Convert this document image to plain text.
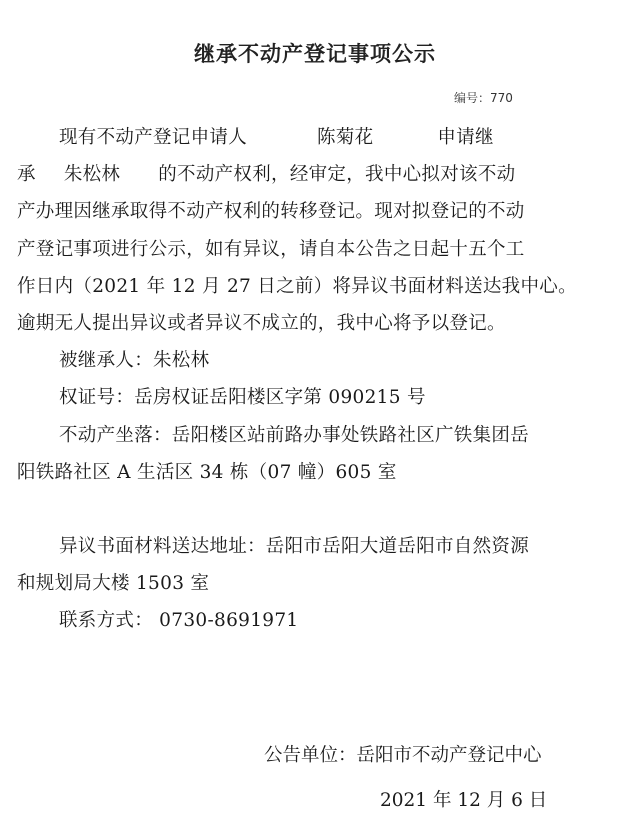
继承不动产登记事项公示
编号：770
现有不动产登记申请人	陈菊花	申请继
承 朱松林 的不动产权利，经审定，我中心拟对该不动
产办理因继承取得不动产权利的转移登记。现对拟登记的不动
产登记事项进行公示，如有异议，请自本公告之日起十五个工
作日内（2021 年 12 月 27 日之前）将异议书面材料送达我中心。
逾期无人提出异议或者异议不成立的，我中心将予以登记。
被继承人：朱松林
权证号：岳房权证岳阳楼区字第 090215 号
不动产坐落：岳阳楼区站前路办事处铁路社区广铁集团岳
阳铁路社区 A 生活区 34 栋（07 幢）605 室
异议书面材料送达地址：岳阳市岳阳大道岳阳市自然资源
和规划局大楼 1503 室
联系方式： 0730-8691971
公告单位：岳阳市不动产登记中心
2021 年 12 月 6 日
